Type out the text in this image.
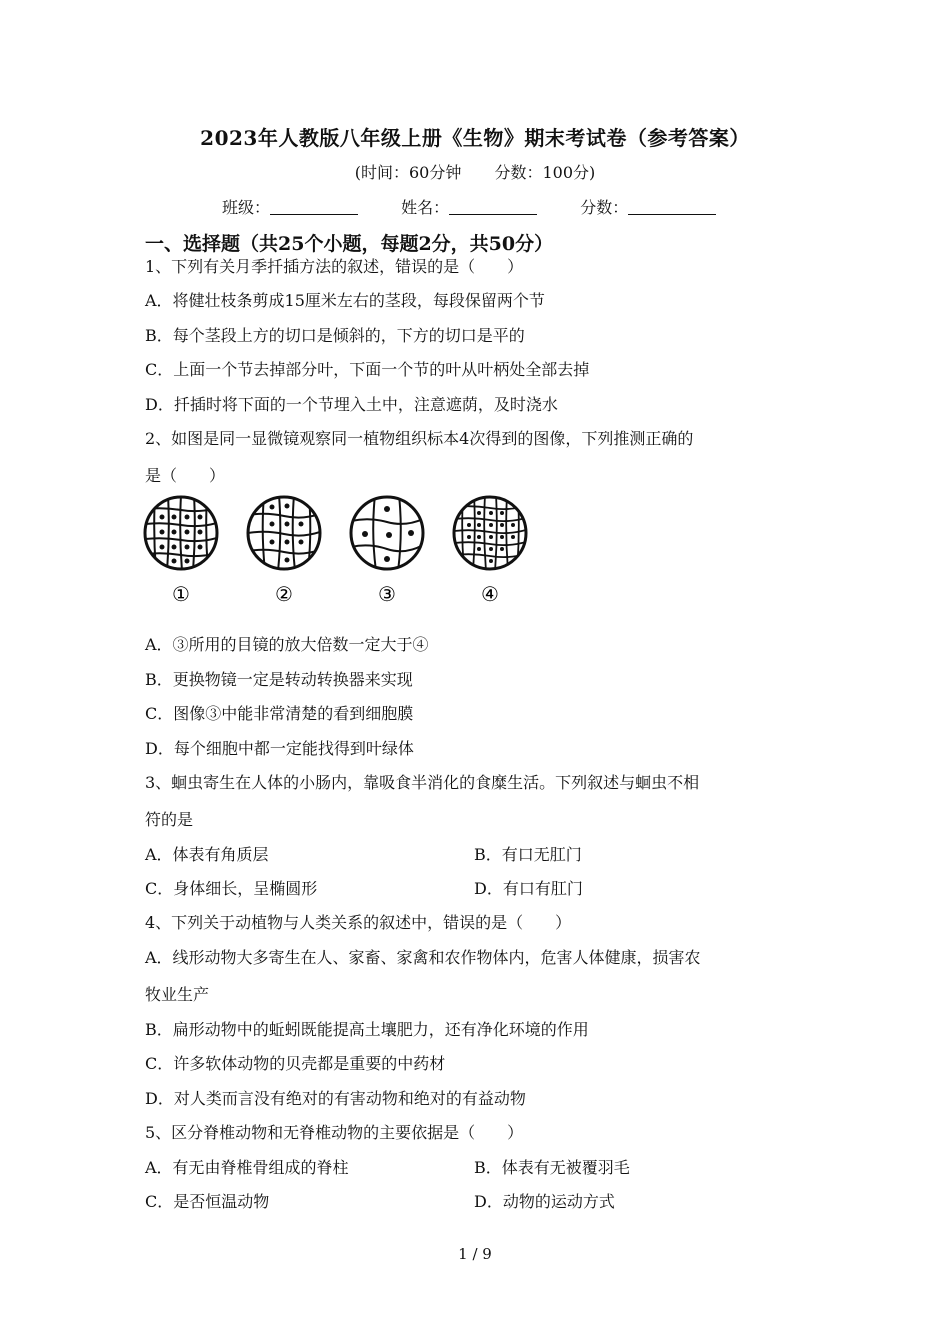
2023年人教版八年级上册《生物》期末考试卷（参考答案）
(时间：60分钟 分数：100分)
班级：	姓名：	分数：
一、选择题（共25个小题，每题2分，共50分）
1、下列有关月季扦插方法的叙述，错误的是（　　）
A．将健壮枝条剪成15厘米左右的茎段，每段保留两个节
B．每个茎段上方的切口是倾斜的，下方的切口是平的
C．上面一个节去掉部分叶，下面一个节的叶从叶柄处全部去掉
D．扦插时将下面的一个节埋入土中，注意遮荫，及时浇水
2、如图是同一显微镜观察同一植物组织标本4次得到的图像，下列推测正确的
是（　　）
①	②	③	④
A．③所用的目镜的放大倍数一定大于④
B．更换物镜一定是转动转换器来实现
C．图像③中能非常清楚的看到细胞膜
D．每个细胞中都一定能找得到叶绿体
3、蛔虫寄生在人体的小肠内，靠吸食半消化的食糜生活。下列叙述与蛔虫不相
符的是
A．体表有角质层	B．有口无肛门
C．身体细长，呈椭圆形	D．有口有肛门
4、下列关于动植物与人类关系的叙述中，错误的是（　　）
A．线形动物大多寄生在人、家畜、家禽和农作物体内，危害人体健康，损害农
牧业生产
B．扁形动物中的蚯蚓既能提高土壤肥力，还有净化环境的作用
C．许多软体动物的贝壳都是重要的中药材
D．对人类而言没有绝对的有害动物和绝对的有益动物
5、区分脊椎动物和无脊椎动物的主要依据是（　　）
A．有无由脊椎骨组成的脊柱	B．体表有无被覆羽毛
C．是否恒温动物	D．动物的运动方式
1 / 9
